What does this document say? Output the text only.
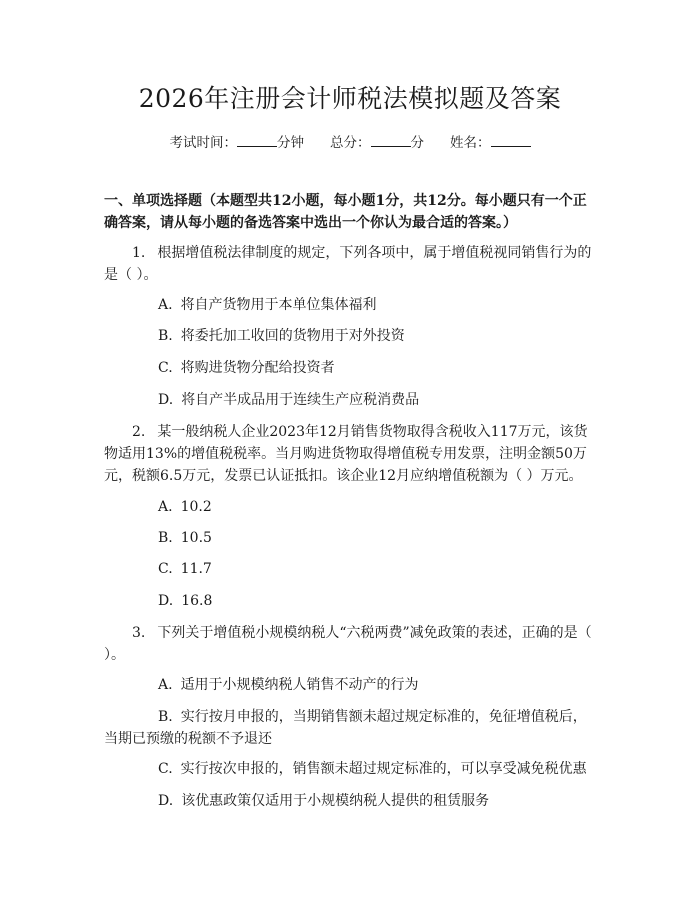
2026年注册会计师税法模拟题及答案
考试时间：	分钟 总分：	分 姓名：
一、单项选择题（本题型共12小题，每小题1分，共12分。每小题只有一个正确答案，请从每小题的备选答案中选出一个你认为最合适的答案。）
1. 根据增值税法律制度的规定，下列各项中，属于增值税视同销售行为的是（ ）。
A. 将自产货物用于本单位集体福利
B. 将委托加工收回的货物用于对外投资
C. 将购进货物分配给投资者
D. 将自产半成品用于连续生产应税消费品
2. 某一般纳税人企业2023年12月销售货物取得含税收入117万元，该货物适用13%的增值税税率。当月购进货物取得增值税专用发票，注明金额50万元，税额6.5万元，发票已认证抵扣。该企业12月应纳增值税额为（ ）万元。
A. 10.2
B. 10.5
C. 11.7
D. 16.8
3. 下列关于增值税小规模纳税人“六税两费”减免政策的表述，正确的是（ ）。
A. 适用于小规模纳税人销售不动产的行为
B. 实行按月申报的，当期销售额未超过规定标准的，免征增值税后，当期已预缴的税额不予退还
C. 实行按次申报的，销售额未超过规定标准的，可以享受减免税优惠
D. 该优惠政策仅适用于小规模纳税人提供的租赁服务
